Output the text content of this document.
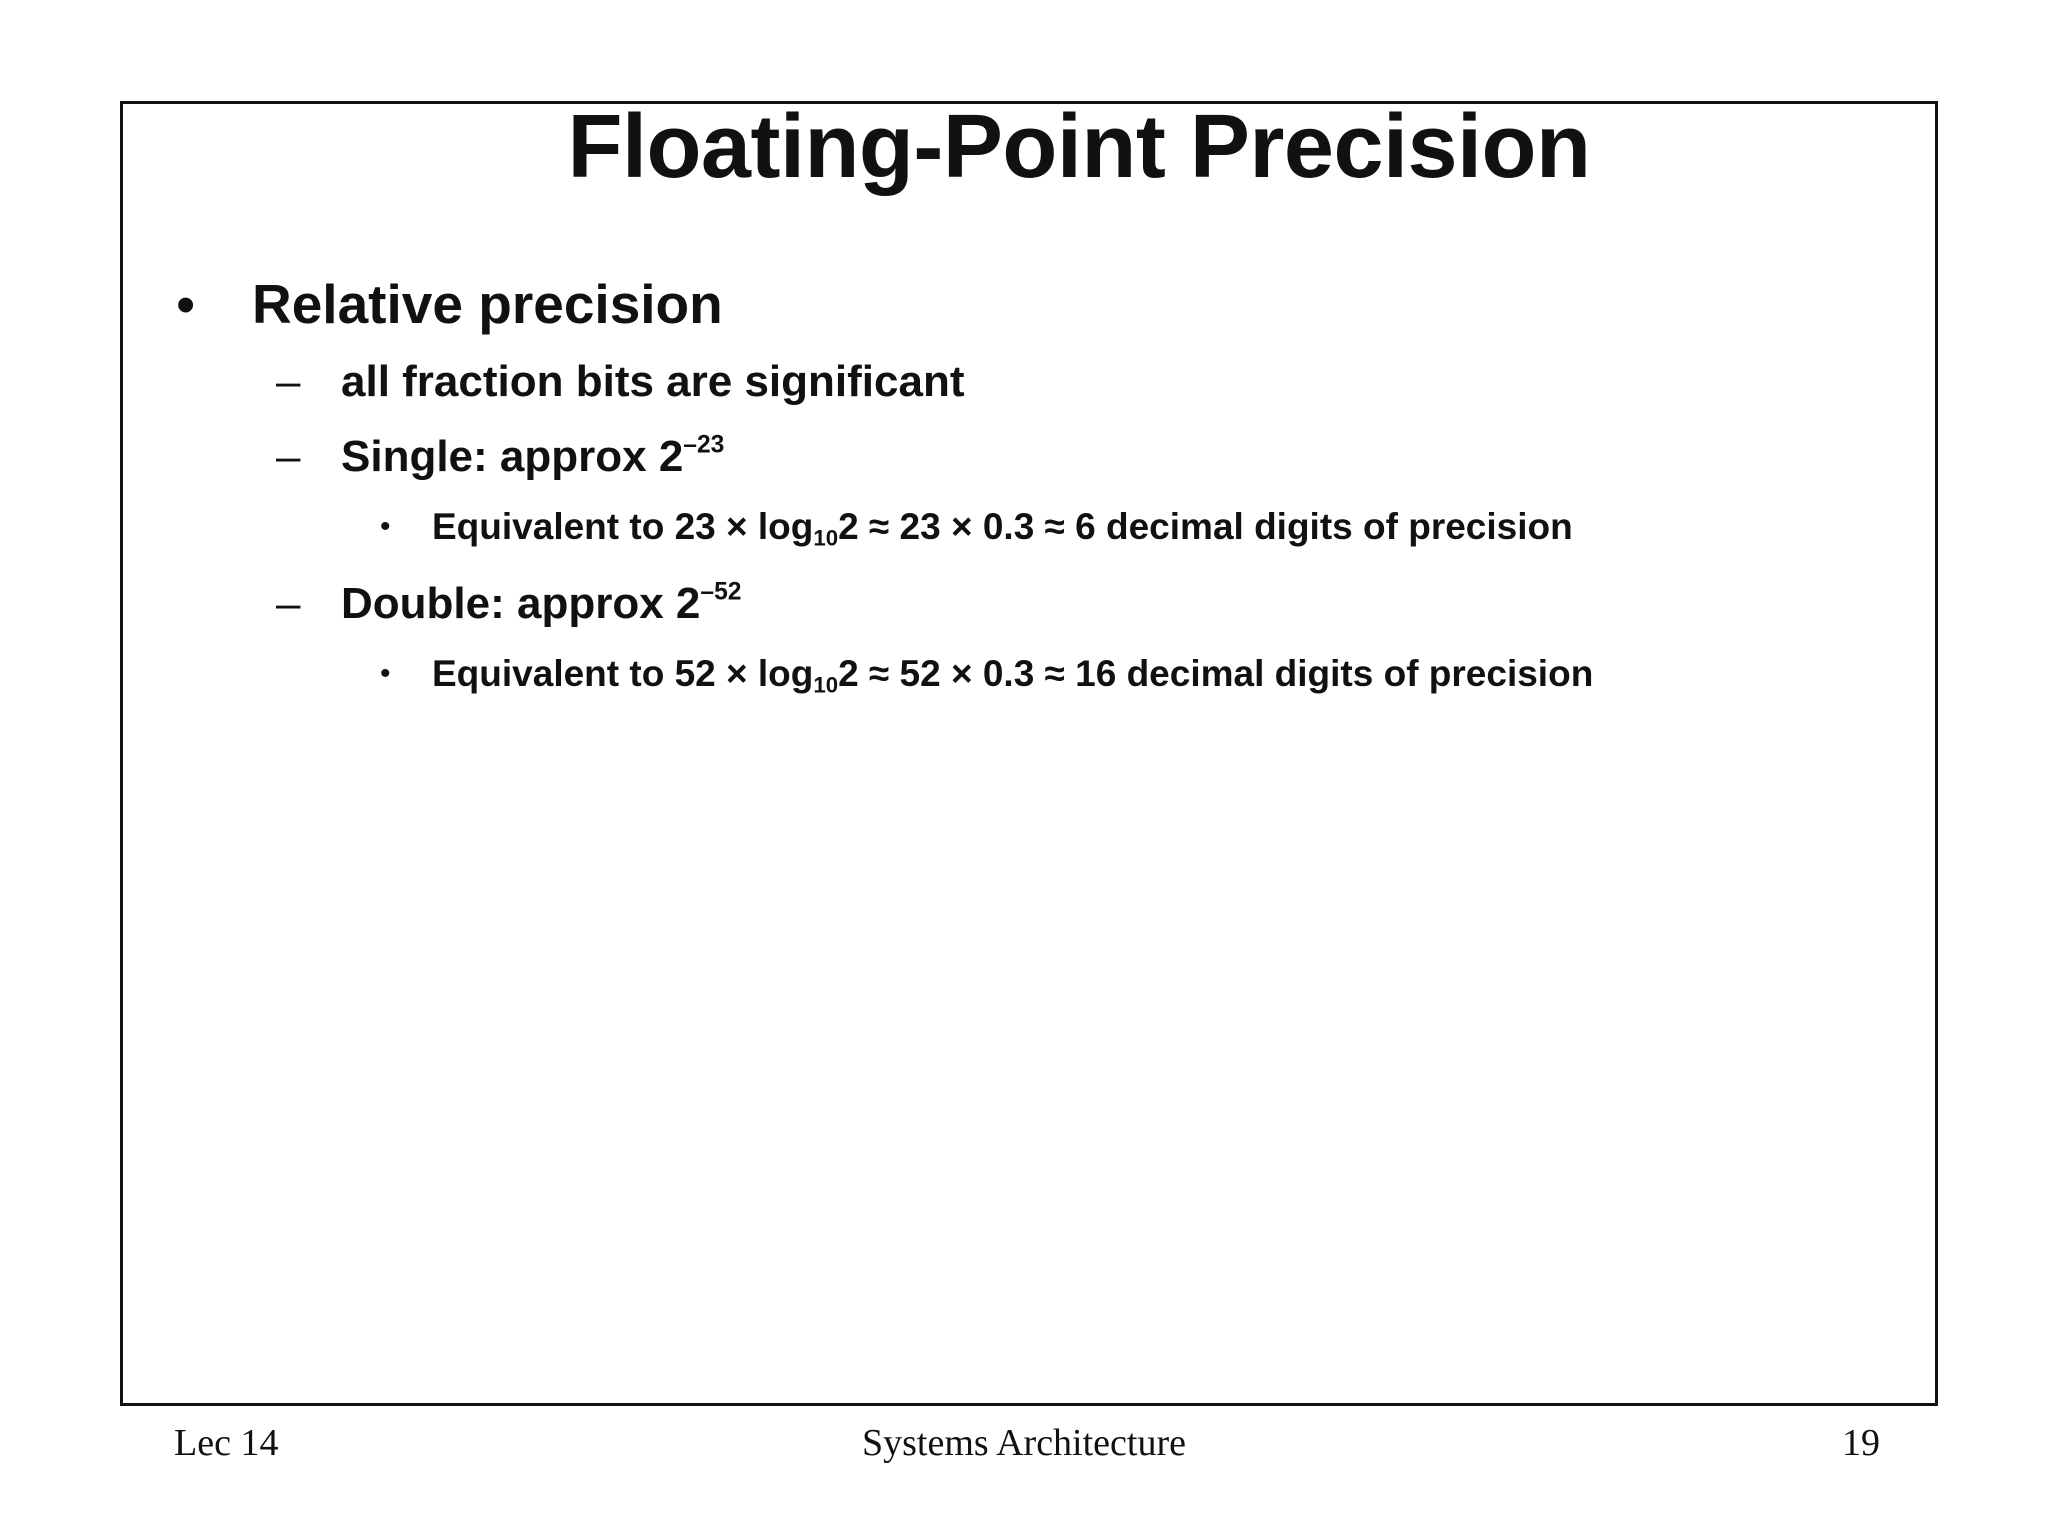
Floating-Point Precision
• Relative precision
– all fraction bits are significant
– Single: approx $2^{-23}$
• Equivalent to $23 \times \log_{10}2 \approx 23 \times 0.3 \approx 6$ decimal digits of precision
– Double: approx $2^{-52}$
• Equivalent to $52 \times \log_{10}2 \approx 52 \times 0.3 \approx 16$ decimal digits of precision
Lec 14	Systems Architecture	19
